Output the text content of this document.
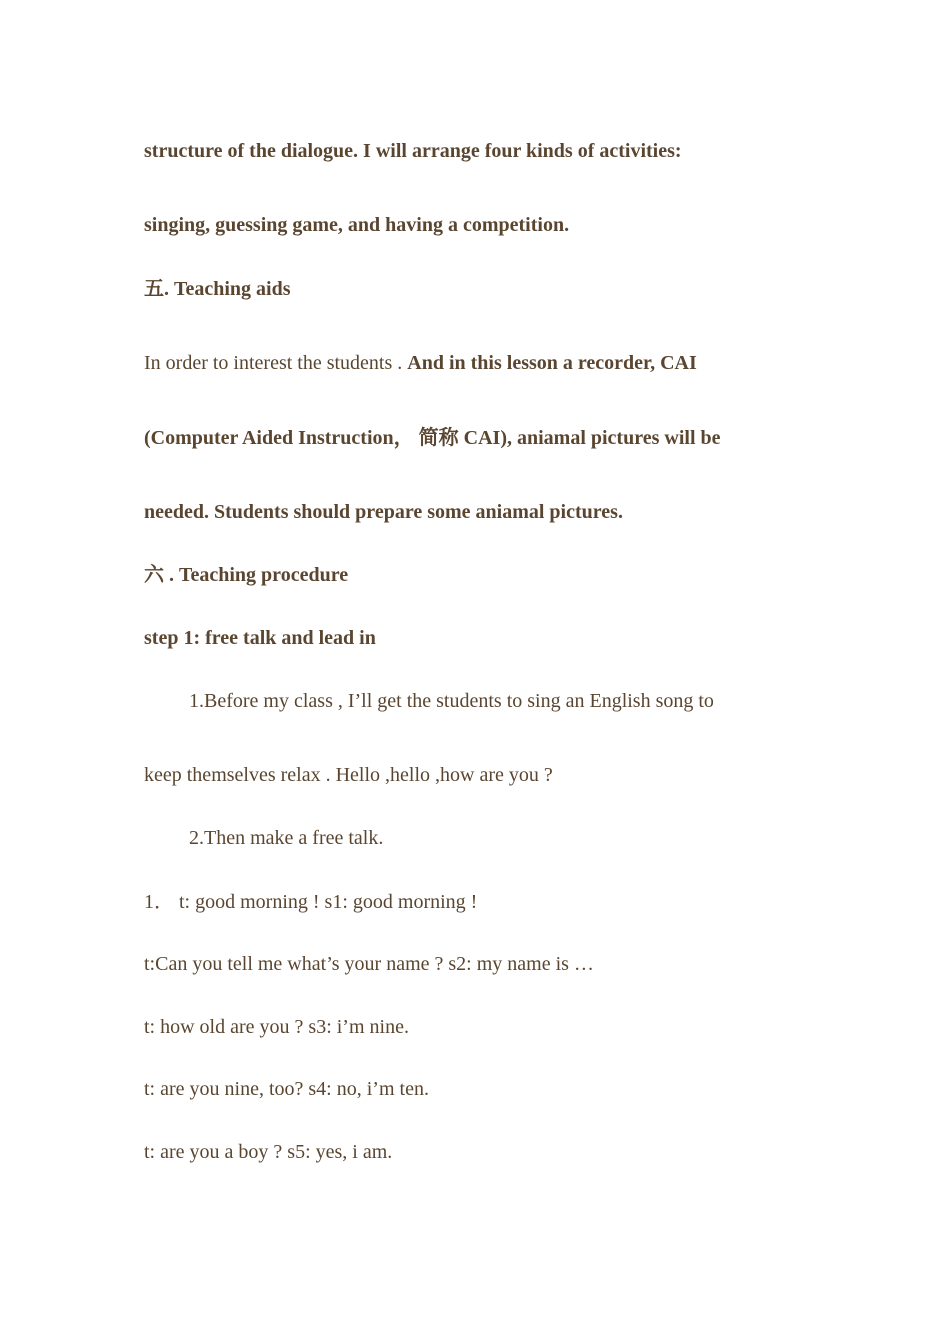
structure of the dialogue. I will arrange four kinds of activities:
singing, guessing game, and having a competition.
五. Teaching aids
In order to interest the students . And in this lesson a recorder, CAI
(Computer Aided Instruction， 简称 CAI), aniamal pictures will be
needed. Students should prepare some aniamal pictures.
六 . Teaching procedure
step 1: free talk and lead in
1.Before my class , I’ll get the students to sing an English song to
keep themselves relax . Hello ,hello ,how are you ?
2.Then make a free talk.
1． t: good morning ! s1: good morning !
t:Can you tell me what’s your name ? s2: my name is …
t: how old are you ? s3: i’m nine.
t: are you nine, too? s4: no, i’m ten.
t: are you a boy ? s5: yes, i am.
